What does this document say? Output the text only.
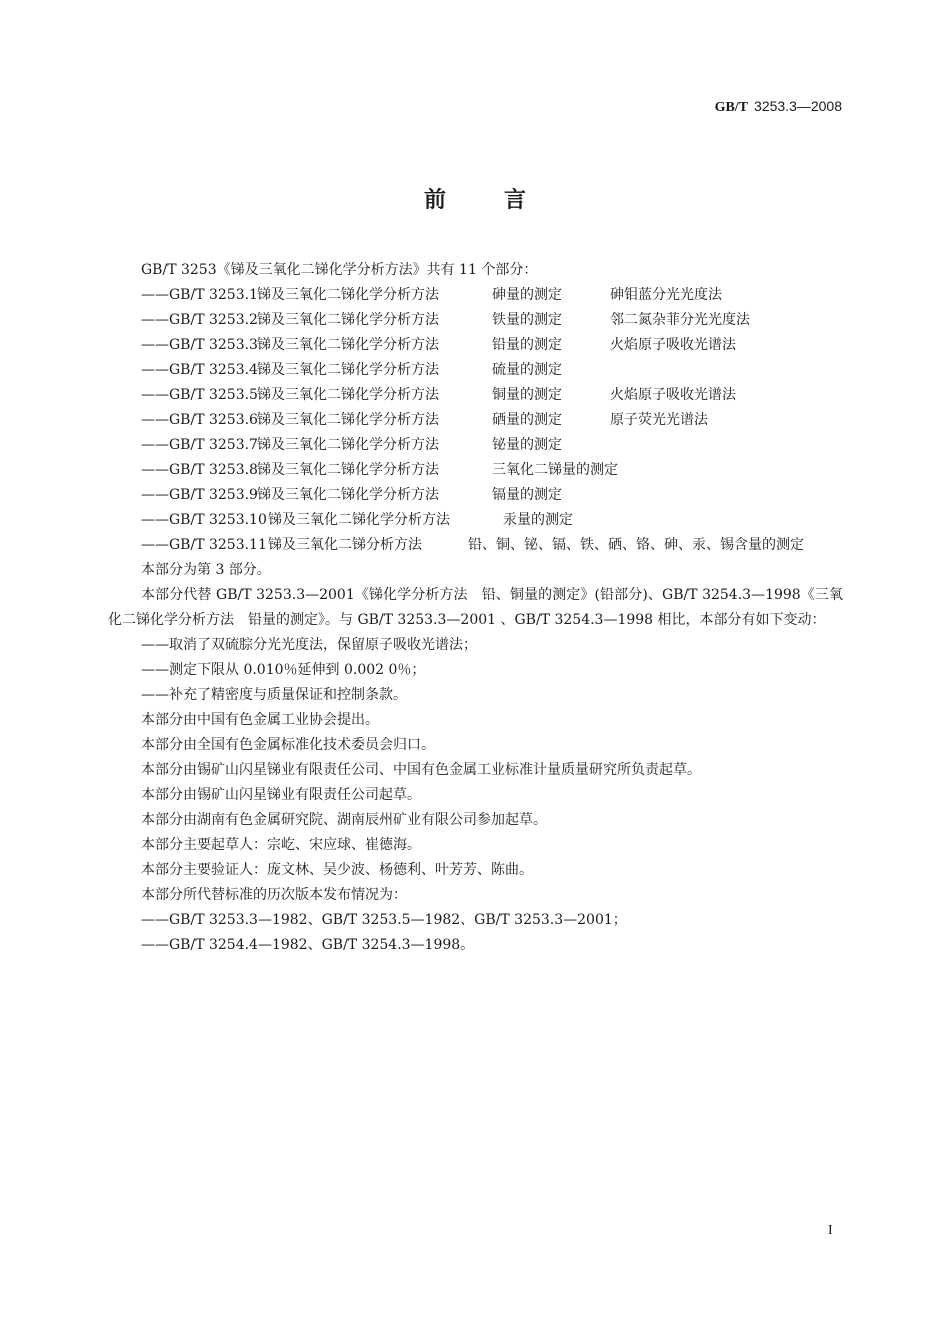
GB/T 3253.3—2008
前	言
GB/T 3253《锑及三氧化二锑化学分析方法》共有 11 个部分：
——GB/T 3253.1锑及三氧化二锑化学分析方法	砷量的测定	砷钼蓝分光光度法
——GB/T 3253.2锑及三氧化二锑化学分析方法	铁量的测定	邻二氮杂菲分光光度法
——GB/T 3253.3锑及三氧化二锑化学分析方法	铅量的测定	火焰原子吸收光谱法
——GB/T 3253.4锑及三氧化二锑化学分析方法	硫量的测定
——GB/T 3253.5锑及三氧化二锑化学分析方法	铜量的测定	火焰原子吸收光谱法
——GB/T 3253.6锑及三氧化二锑化学分析方法	硒量的测定	原子荧光光谱法
——GB/T 3253.7锑及三氧化二锑化学分析方法	铋量的测定
——GB/T 3253.8锑及三氧化二锑化学分析方法	三氧化二锑量的测定
——GB/T 3253.9锑及三氧化二锑化学分析方法	镉量的测定
——GB/T 3253.10锑及三氧化二锑化学分析方法	汞量的测定
——GB/T 3253.11锑及三氧化二锑分析方法	铅、铜、铋、镉、铁、硒、铬、砷、汞、锡含量的测定
本部分为第 3 部分。
本部分代替 GB/T 3253.3—2001《锑化学分析方法　铅、铜量的测定》(铅部分)、GB/T 3254.3—1998《三氧化二锑化学分析方法　铅量的测定》。与 GB/T 3253.3—2001 、GB/T 3254.3—1998 相比，本部分有如下变动：
——取消了双硫腙分光光度法，保留原子吸收光谱法；
——测定下限从 0.010％延伸到 0.002 0％；
——补充了精密度与质量保证和控制条款。
本部分由中国有色金属工业协会提出。
本部分由全国有色金属标准化技术委员会归口。
本部分由锡矿山闪星锑业有限责任公司、中国有色金属工业标准计量质量研究所负责起草。
本部分由锡矿山闪星锑业有限责任公司起草。
本部分由湖南有色金属研究院、湖南辰州矿业有限公司参加起草。
本部分主要起草人：宗屹、宋应球、崔德海。
本部分主要验证人：庞文林、吴少波、杨德利、叶芳芳、陈曲。
本部分所代替标准的历次版本发布情况为：
——GB/T 3253.3—1982、GB/T 3253.5—1982、GB/T 3253.3—2001；
——GB/T 3254.4—1982、GB/T 3254.3—1998。
I
